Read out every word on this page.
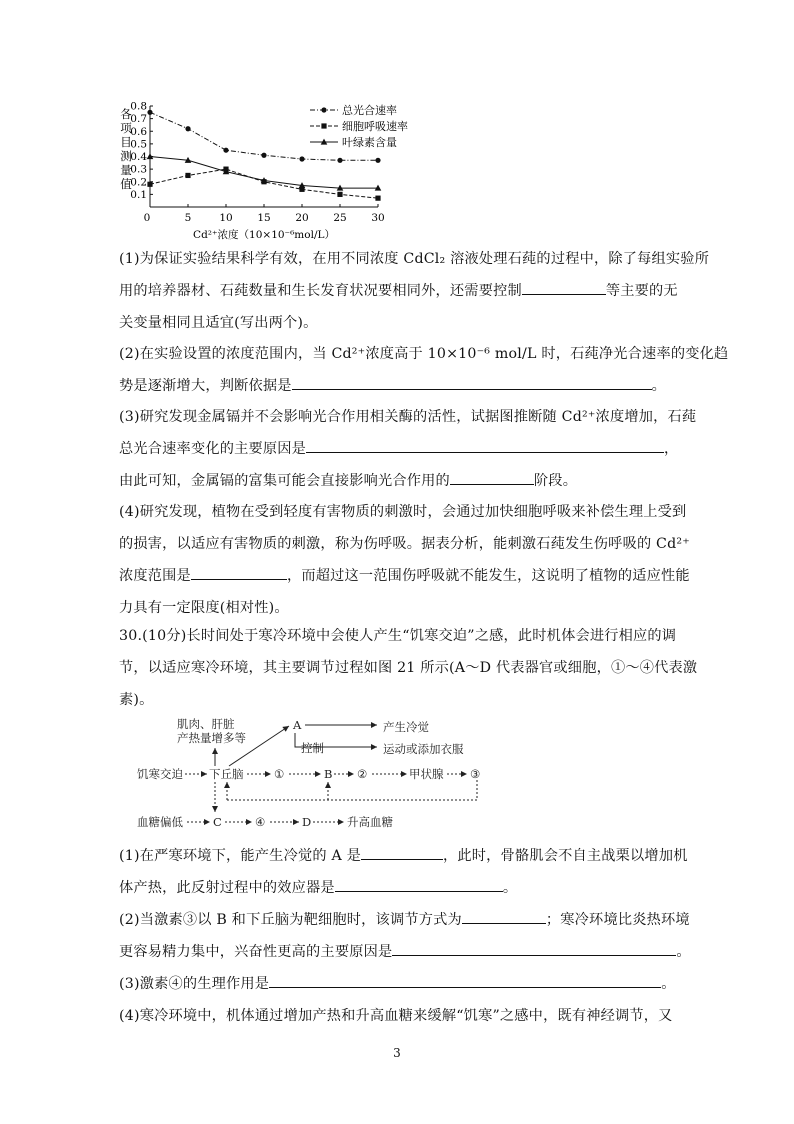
各
项
目
测
量
值
0.1
0.2
0.3
0.4
0.5
0.6
0.7
0.8
0	5	10 15 20 25 30
总光合速率
细胞呼吸速率
叶绿素含量
Cd²⁺浓度（10×10⁻⁶mol/L）
(1)为保证实验结果科学有效，在用不同浓度 CdCl₂ 溶液处理石莼的过程中，除了每组实验所
用的培养器材、石莼数量和生长发育状况要相同外，还需要控制	等主要的无
关变量相同且适宜(写出两个)。
(2)在实验设置的浓度范围内，当 Cd²⁺浓度高于 10×10⁻⁶ mol/L 时，石莼净光合速率的变化趋
势是逐渐增大，判断依据是	。
(3)研究发现金属镉并不会影响光合作用相关酶的活性，试据图推断随 Cd²⁺浓度增加，石莼
总光合速率变化的主要原因是	，
由此可知，金属镉的富集可能会直接影响光合作用的	阶段。
(4)研究发现，植物在受到轻度有害物质的刺激时，会通过加快细胞呼吸来补偿生理上受到
的损害，以适应有害物质的刺激，称为伤呼吸。据表分析，能刺激石莼发生伤呼吸的 Cd²⁺
浓度范围是	，而超过这一范围伤呼吸就不能发生，这说明了植物的适应性能
力具有一定限度(相对性)。
30.(10分)长时间处于寒冷环境中会使人产生“饥寒交迫”之感，此时机体会进行相应的调
节，以适应寒冷环境，其主要调节过程如图 21 所示(A～D 代表器官或细胞，①～④代表激
素)。
肌肉、肝脏
产热量增多等
A	产生冷觉
控制	运动或添加衣服
饥寒交迫 下丘脑	①	B ②	甲状腺 ③
血糖偏低	C	④	D	升高血糖
(1)在严寒环境下，能产生冷觉的 A 是	，此时，骨骼肌会不自主战栗以增加机
体产热，此反射过程中的效应器是	。
(2)当激素③以 B 和下丘脑为靶细胞时，该调节方式为	；寒冷环境比炎热环境
更容易精力集中，兴奋性更高的主要原因是	。
(3)激素④的生理作用是	。
(4)寒冷环境中，机体通过增加产热和升高血糖来缓解“饥寒”之感中，既有神经调节，又
3
